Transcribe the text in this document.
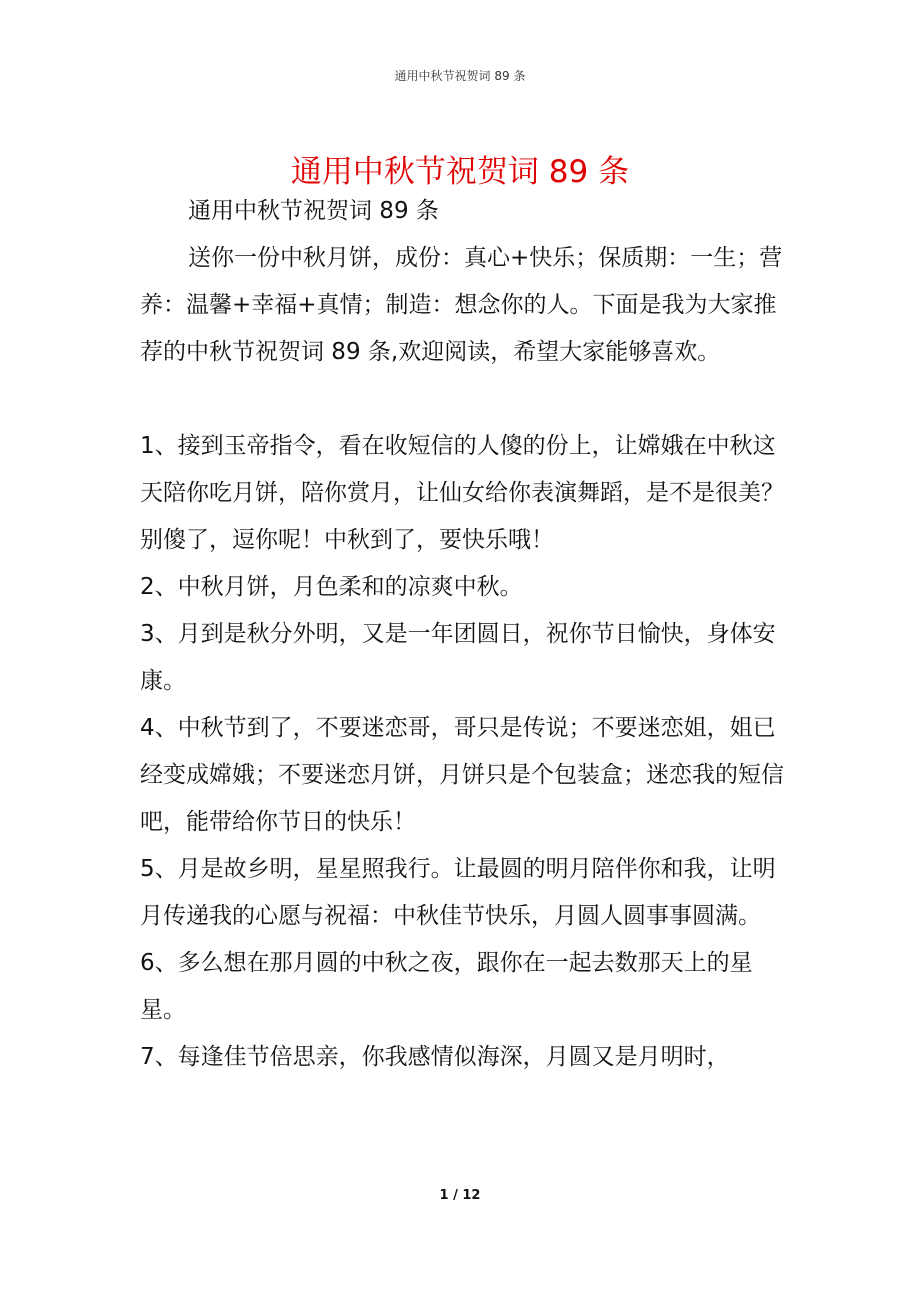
通用中秋节祝贺词 89 条
通用中秋节祝贺词 89 条

通用中秋节祝贺词 89 条

送你一份中秋月饼，成份：真心+快乐；保质期：一生；营养：温馨+幸福+真情；制造：想念你的人。下面是我为大家推荐的中秋节祝贺词 89 条,欢迎阅读，希望大家能够喜欢。

1、接到玉帝指令，看在收短信的人傻的份上，让嫦娥在中秋这天陪你吃月饼，陪你赏月，让仙女给你表演舞蹈，是不是很美？别傻了，逗你呢！中秋到了，要快乐哦！

2、中秋月饼，月色柔和的凉爽中秋。

3、月到是秋分外明，又是一年团圆日，祝你节日愉快，身体安康。

4、中秋节到了，不要迷恋哥，哥只是传说；不要迷恋姐，姐已经变成嫦娥；不要迷恋月饼，月饼只是个包装盒；迷恋我的短信吧，能带给你节日的快乐！

5、月是故乡明，星星照我行。让最圆的明月陪伴你和我，让明月传递我的心愿与祝福：中秋佳节快乐，月圆人圆事事圆满。

6、多么想在那月圆的中秋之夜，跟你在一起去数那天上的星星。

7、每逢佳节倍思亲，你我感情似海深，月圆又是月明时，

1 / 12
